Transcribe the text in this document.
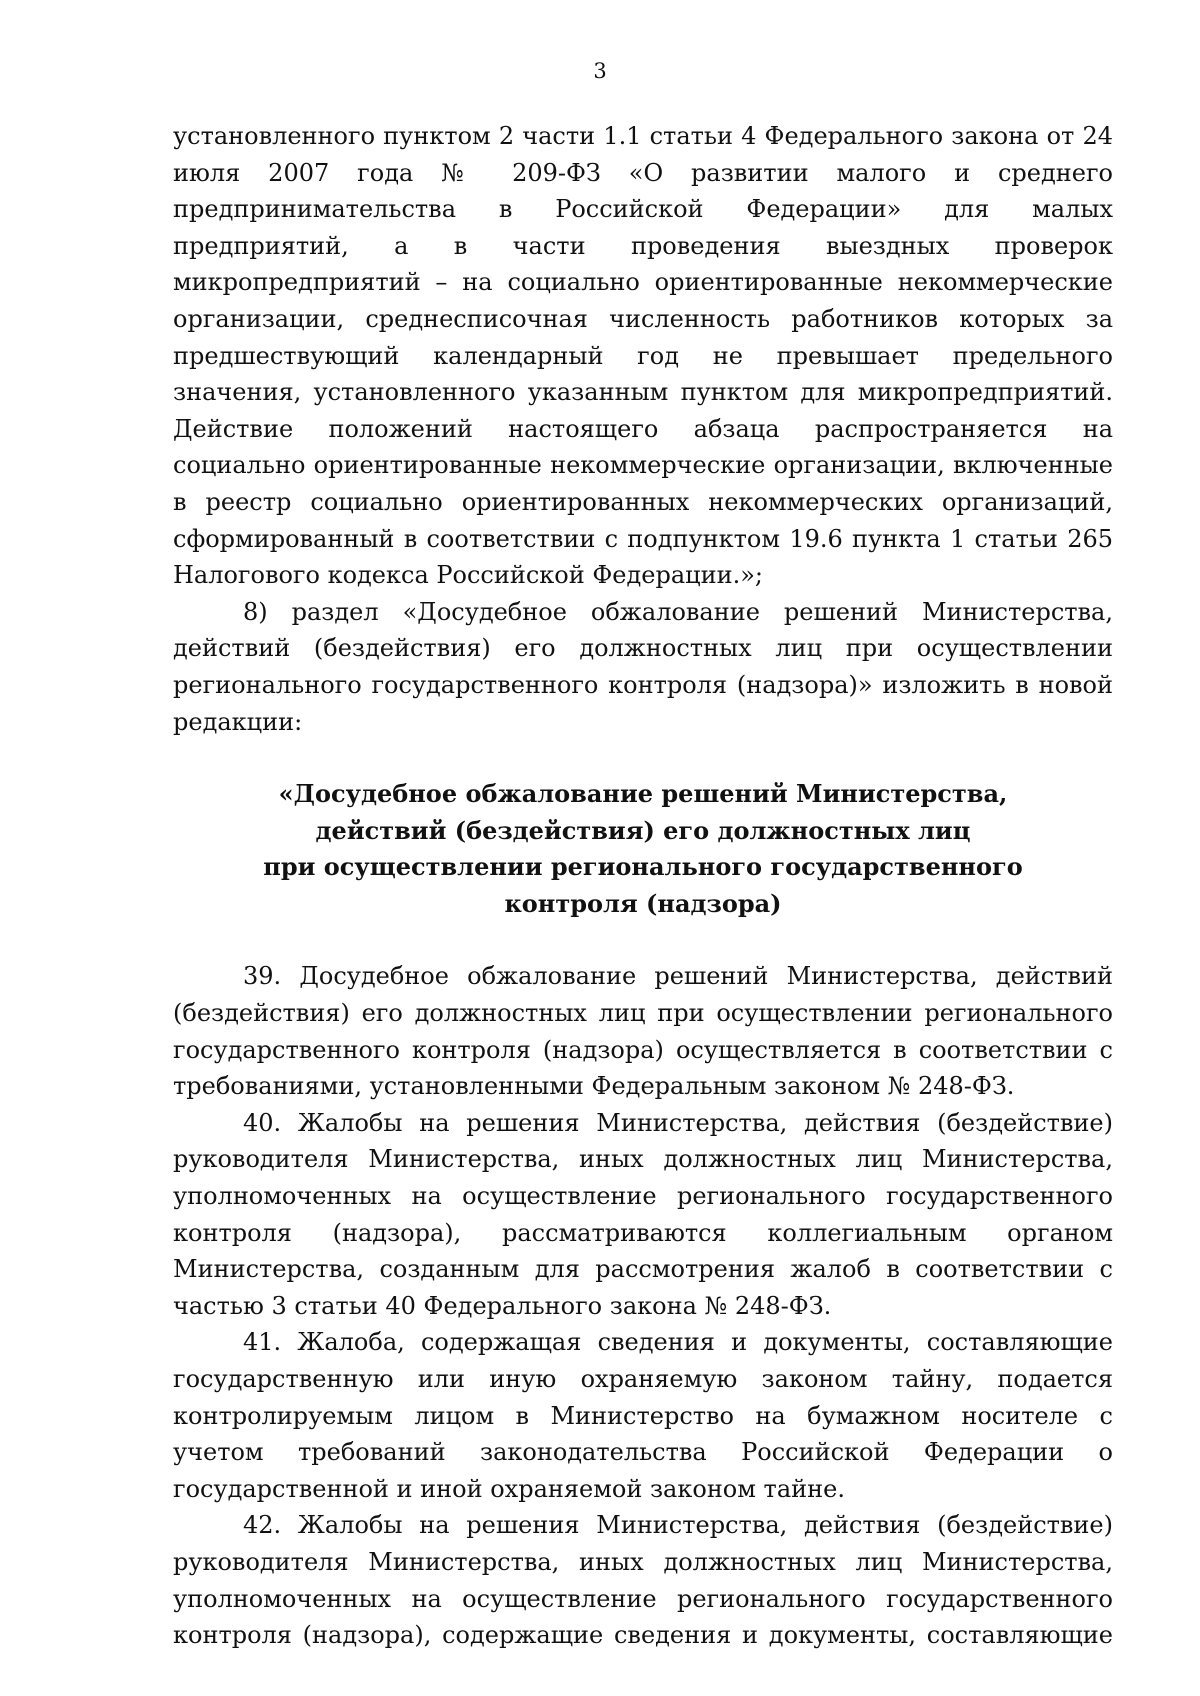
3

установленного пунктом 2 части 1.1 статьи 4 Федерального закона от 24 июля 2007 года № 209-ФЗ «О развитии малого и среднего предпринимательства в Российской Федерации» для малых предприятий, а в части проведения выездных проверок микропредприятий – на социально ориентированные некоммерческие организации, среднесписочная численность работников которых за предшествующий календарный год не превышает предельного значения, установленного указанным пунктом для микропредприятий. Действие положений настоящего абзаца распространяется на социально ориентированные некоммерческие организации, включенные в реестр социально ориентированных некоммерческих организаций, сформированный в соответствии с подпунктом 19.6 пункта 1 статьи 265 Налогового кодекса Российской Федерации.»;

8) раздел «Досудебное обжалование решений Министерства, действий (бездействия) его должностных лиц при осуществлении регионального государственного контроля (надзора)» изложить в новой редакции:

«Досудебное обжалование решений Министерства,
действий (бездействия) его должностных лиц
при осуществлении регионального государственного
контроля (надзора)

39. Досудебное обжалование решений Министерства, действий (бездействия) его должностных лиц при осуществлении регионального государственного контроля (надзора) осуществляется в соответствии с требованиями, установленными Федеральным законом № 248-ФЗ.

40. Жалобы на решения Министерства, действия (бездействие) руководителя Министерства, иных должностных лиц Министерства, уполномоченных на осуществление регионального государственного контроля (надзора), рассматриваются коллегиальным органом Министерства, созданным для рассмотрения жалоб в соответствии с частью 3 статьи 40 Федерального закона № 248-ФЗ.

41. Жалоба, содержащая сведения и документы, составляющие государственную или иную охраняемую законом тайну, подается контролируемым лицом в Министерство на бумажном носителе с учетом требований законодательства Российской Федерации о государственной и иной охраняемой законом тайне.

42. Жалобы на решения Министерства, действия (бездействие) руководителя Министерства, иных должностных лиц Министерства, уполномоченных на осуществление регионального государственного контроля (надзора), содержащие сведения и документы, составляющие
